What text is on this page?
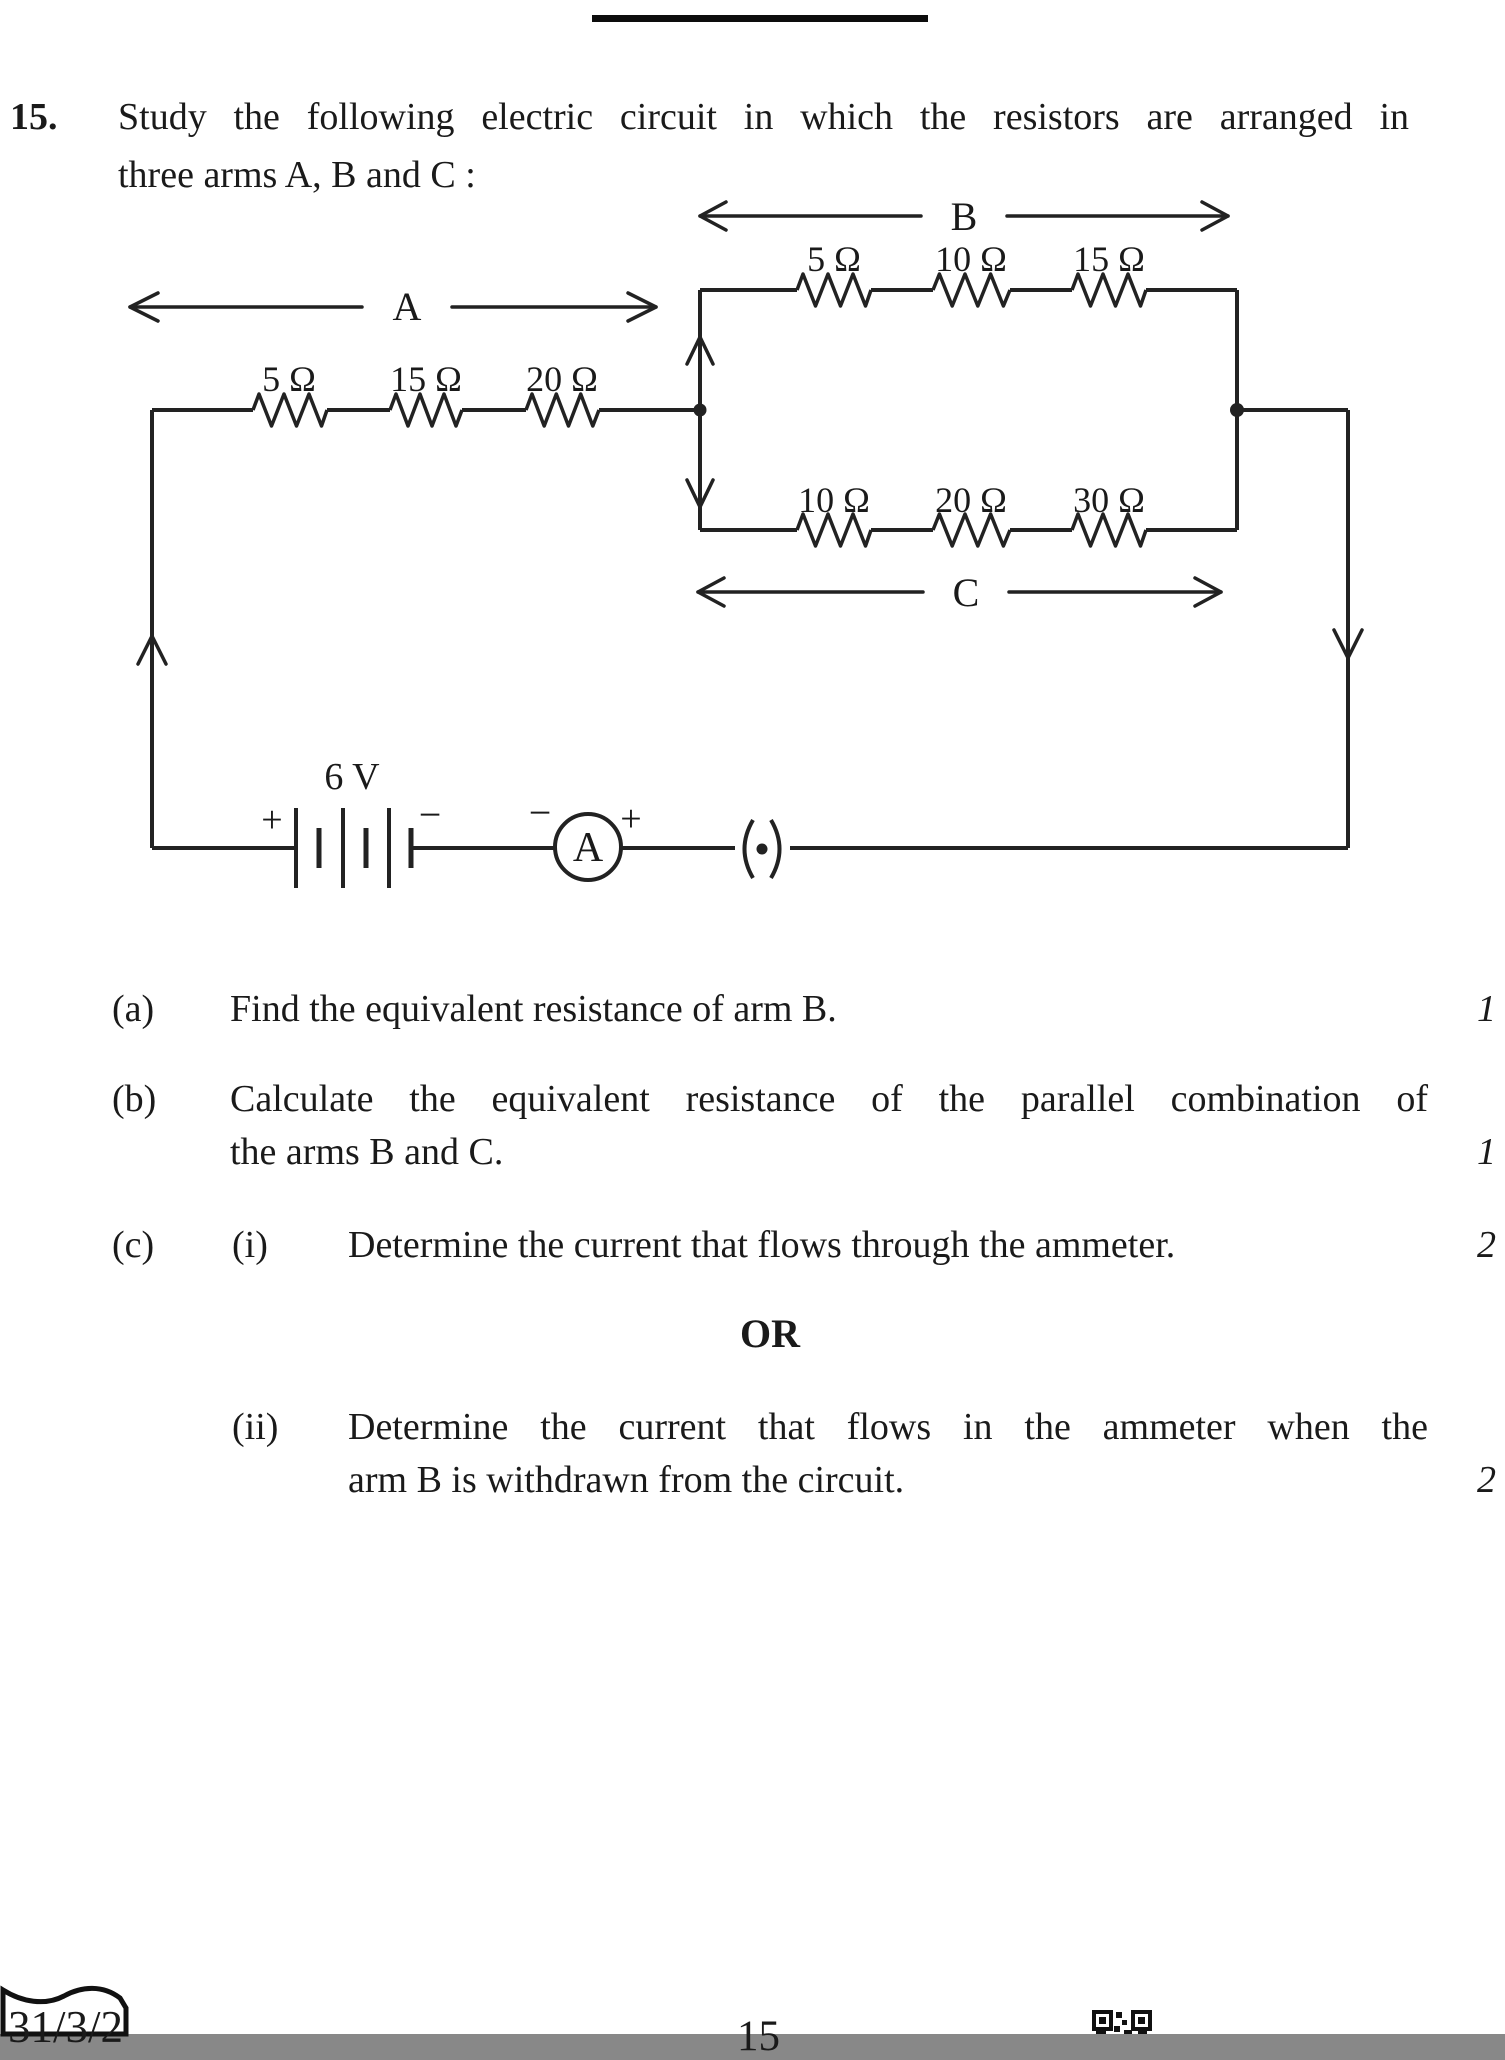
A
B
C
5 Ω 15 Ω 20 Ω
5 Ω 10 Ω 15 Ω
10 Ω 20 Ω 30 Ω
6 V
+	−
A
− +
15. Study the following electric circuit in which the resistors are arranged in
three arms A, B and C :
(a) Find the equivalent resistance of arm B.	1
(b) Calculate the equivalent resistance of the parallel combination of
the arms B and C.	1
(c) (i) Determine the current that flows through the ammeter.	2
OR
(ii) Determine the current that flows in the ammeter when the
arm B is withdrawn from the circuit.	2
31/3/2	15
